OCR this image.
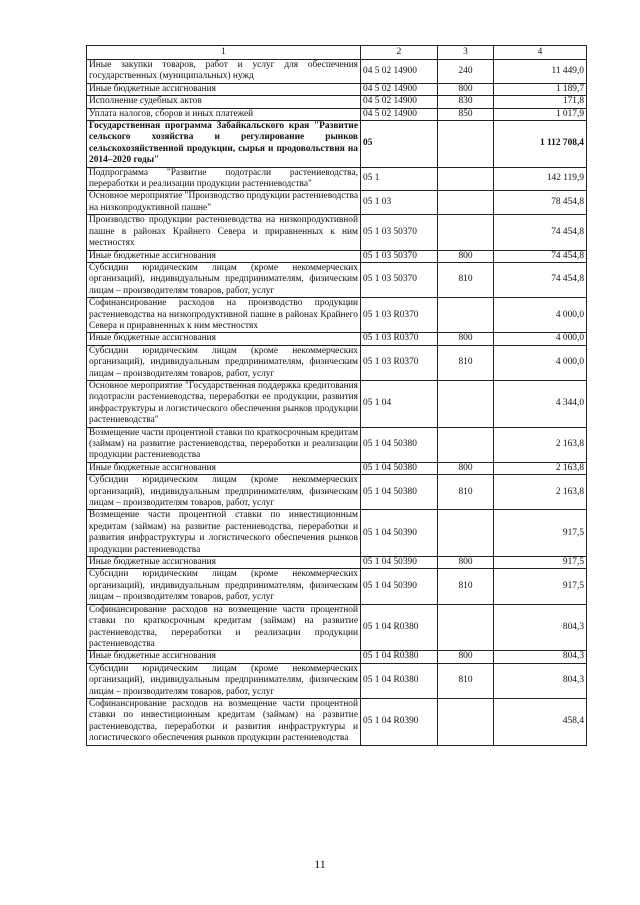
1	2	3	4
Иные закупки товаров, работ и услуг для обеспечения государственных (муниципальных) нужд	04 5 02 14900	240	11 449,0
Иные бюджетные ассигнования	04 5 02 14900	800	1 189,7
Исполнение судебных актов	04 5 02 14900	830	171,8
Уплата налогов, сборов и иных платежей	04 5 02 14900	850	1 017,9
Государственная программа Забайкальского края "Развитие сельского хозяйства и регулирование рынков сельскохозяйственной продукции, сырья и продовольствия на 2014–2020 годы"	05		1 112 708,4
Подпрограмма "Развитие подотрасли растениеводства, переработки и реализации продукции растениеводства"	05 1		142 119,9
Основное мероприятие "Производство продукции растениеводства на низкопродуктивной пашне"	05 1 03		78 454,8
Производство продукции растениеводства на низкопродуктивной пашне в районах Крайнего Севера и приравненных к ним местностях	05 1 03 50370		74 454,8
Иные бюджетные ассигнования	05 1 03 50370	800	74 454,8
Субсидии юридическим лицам (кроме некоммерческих организаций), индивидуальным предпринимателям, физическим лицам – производителям товаров, работ, услуг	05 1 03 50370	810	74 454,8
Софинансирование расходов на производство продукции растениеводства на низкопродуктивной пашне в районах Крайнего Севера и приравненных к ним местностях	05 1 03 R0370		4 000,0
Иные бюджетные ассигнования	05 1 03 R0370	800	4 000,0
Субсидии юридическим лицам (кроме некоммерческих организаций), индивидуальным предпринимателям, физическим лицам – производителям товаров, работ, услуг	05 1 03 R0370	810	4 000,0
Основное мероприятие "Государственная поддержка кредитования подотрасли растениеводства, переработки ее продукции, развития инфраструктуры и логистического обеспечения рынков продукции растениеводства"	05 1 04		4 344,0
Возмещение части процентной ставки по краткосрочным кредитам (займам) на развитие растениеводства, переработки и реализации продукции растениеводства	05 1 04 50380		2 163,8
Иные бюджетные ассигнования	05 1 04 50380	800	2 163,8
Субсидии юридическим лицам (кроме некоммерческих организаций), индивидуальным предпринимателям, физическим лицам – производителям товаров, работ, услуг	05 1 04 50380	810	2 163,8
Возмещение части процентной ставки по инвестиционным кредитам (займам) на развитие растениеводства, переработки и развития инфраструктуры и логистического обеспечения рынков продукции растениеводства	05 1 04 50390		917,5
Иные бюджетные ассигнования	05 1 04 50390	800	917,5
Субсидии юридическим лицам (кроме некоммерческих организаций), индивидуальным предпринимателям, физическим лицам – производителям товаров, работ, услуг	05 1 04 50390	810	917,5
Софинансирование расходов на возмещение части процентной ставки по краткосрочным кредитам (займам) на развитие растениеводства, переработки и реализации продукции растениеводства	05 1 04 R0380		804,3
Иные бюджетные ассигнования	05 1 04 R0380	800	804,3
Субсидии юридическим лицам (кроме некоммерческих организаций), индивидуальным предпринимателям, физическим лицам – производителям товаров, работ, услуг	05 1 04 R0380	810	804,3
Софинансирование расходов на возмещение части процентной ставки по инвестиционным кредитам (займам) на развитие растениеводства, переработки и развития инфраструктуры и логистического обеспечения рынков продукции растениеводства	05 1 04 R0390		458,4
11
